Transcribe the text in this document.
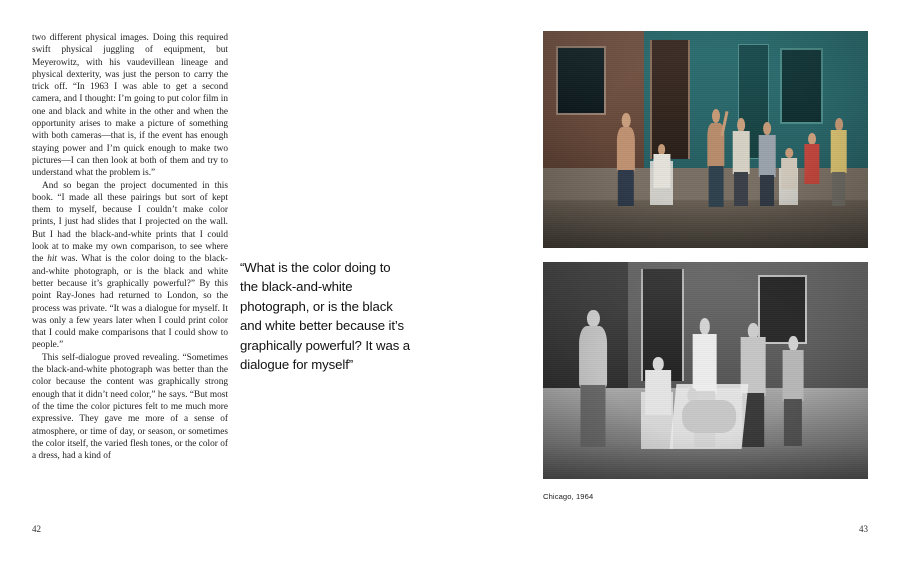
two different physical images. Doing this required swift physical juggling of equipment, but Meyerowitz, with his vaudevillean lineage and physical dexterity, was just the person to carry the trick off. “In 1963 I was able to get a second camera, and I thought: I’m going to put color film in one and black and white in the other and when the opportunity arises to make a picture of something with both cameras—that is, if the event has enough staying power and I’m quick enough to make two pictures—I can then look at both of them and try to understand what the problem is.”

And so began the project documented in this book. “I made all these pairings but sort of kept them to myself, because I couldn’t make color prints, I just had slides that I projected on the wall. But I had the black-and-white prints that I could look at to make my own comparison, to see where the hit was. What is the color doing to the black-and-white photograph, or is the black and white better because it’s graphically powerful?” By this point Ray-Jones had returned to London, so the process was private. “It was a dialogue for myself. It was only a few years later when I could print color that I could make comparisons that I could show to people.”

This self-dialogue proved revealing. “Sometimes the black-and-white photograph was better than the color because the content was graphically strong enough that it didn’t need color,” he says. “But most of the time the color pictures felt to me much more expressive. They gave me more of a sense of atmosphere, or time of day, or season, or sometimes the color itself, the varied flesh tones, or the color of a dress, had a kind of

42
“What is the color doing to the black-and-white photograph, or is the black and white better because it’s graphically powerful? It was a dialogue for myself”
Chicago, 1964
43
